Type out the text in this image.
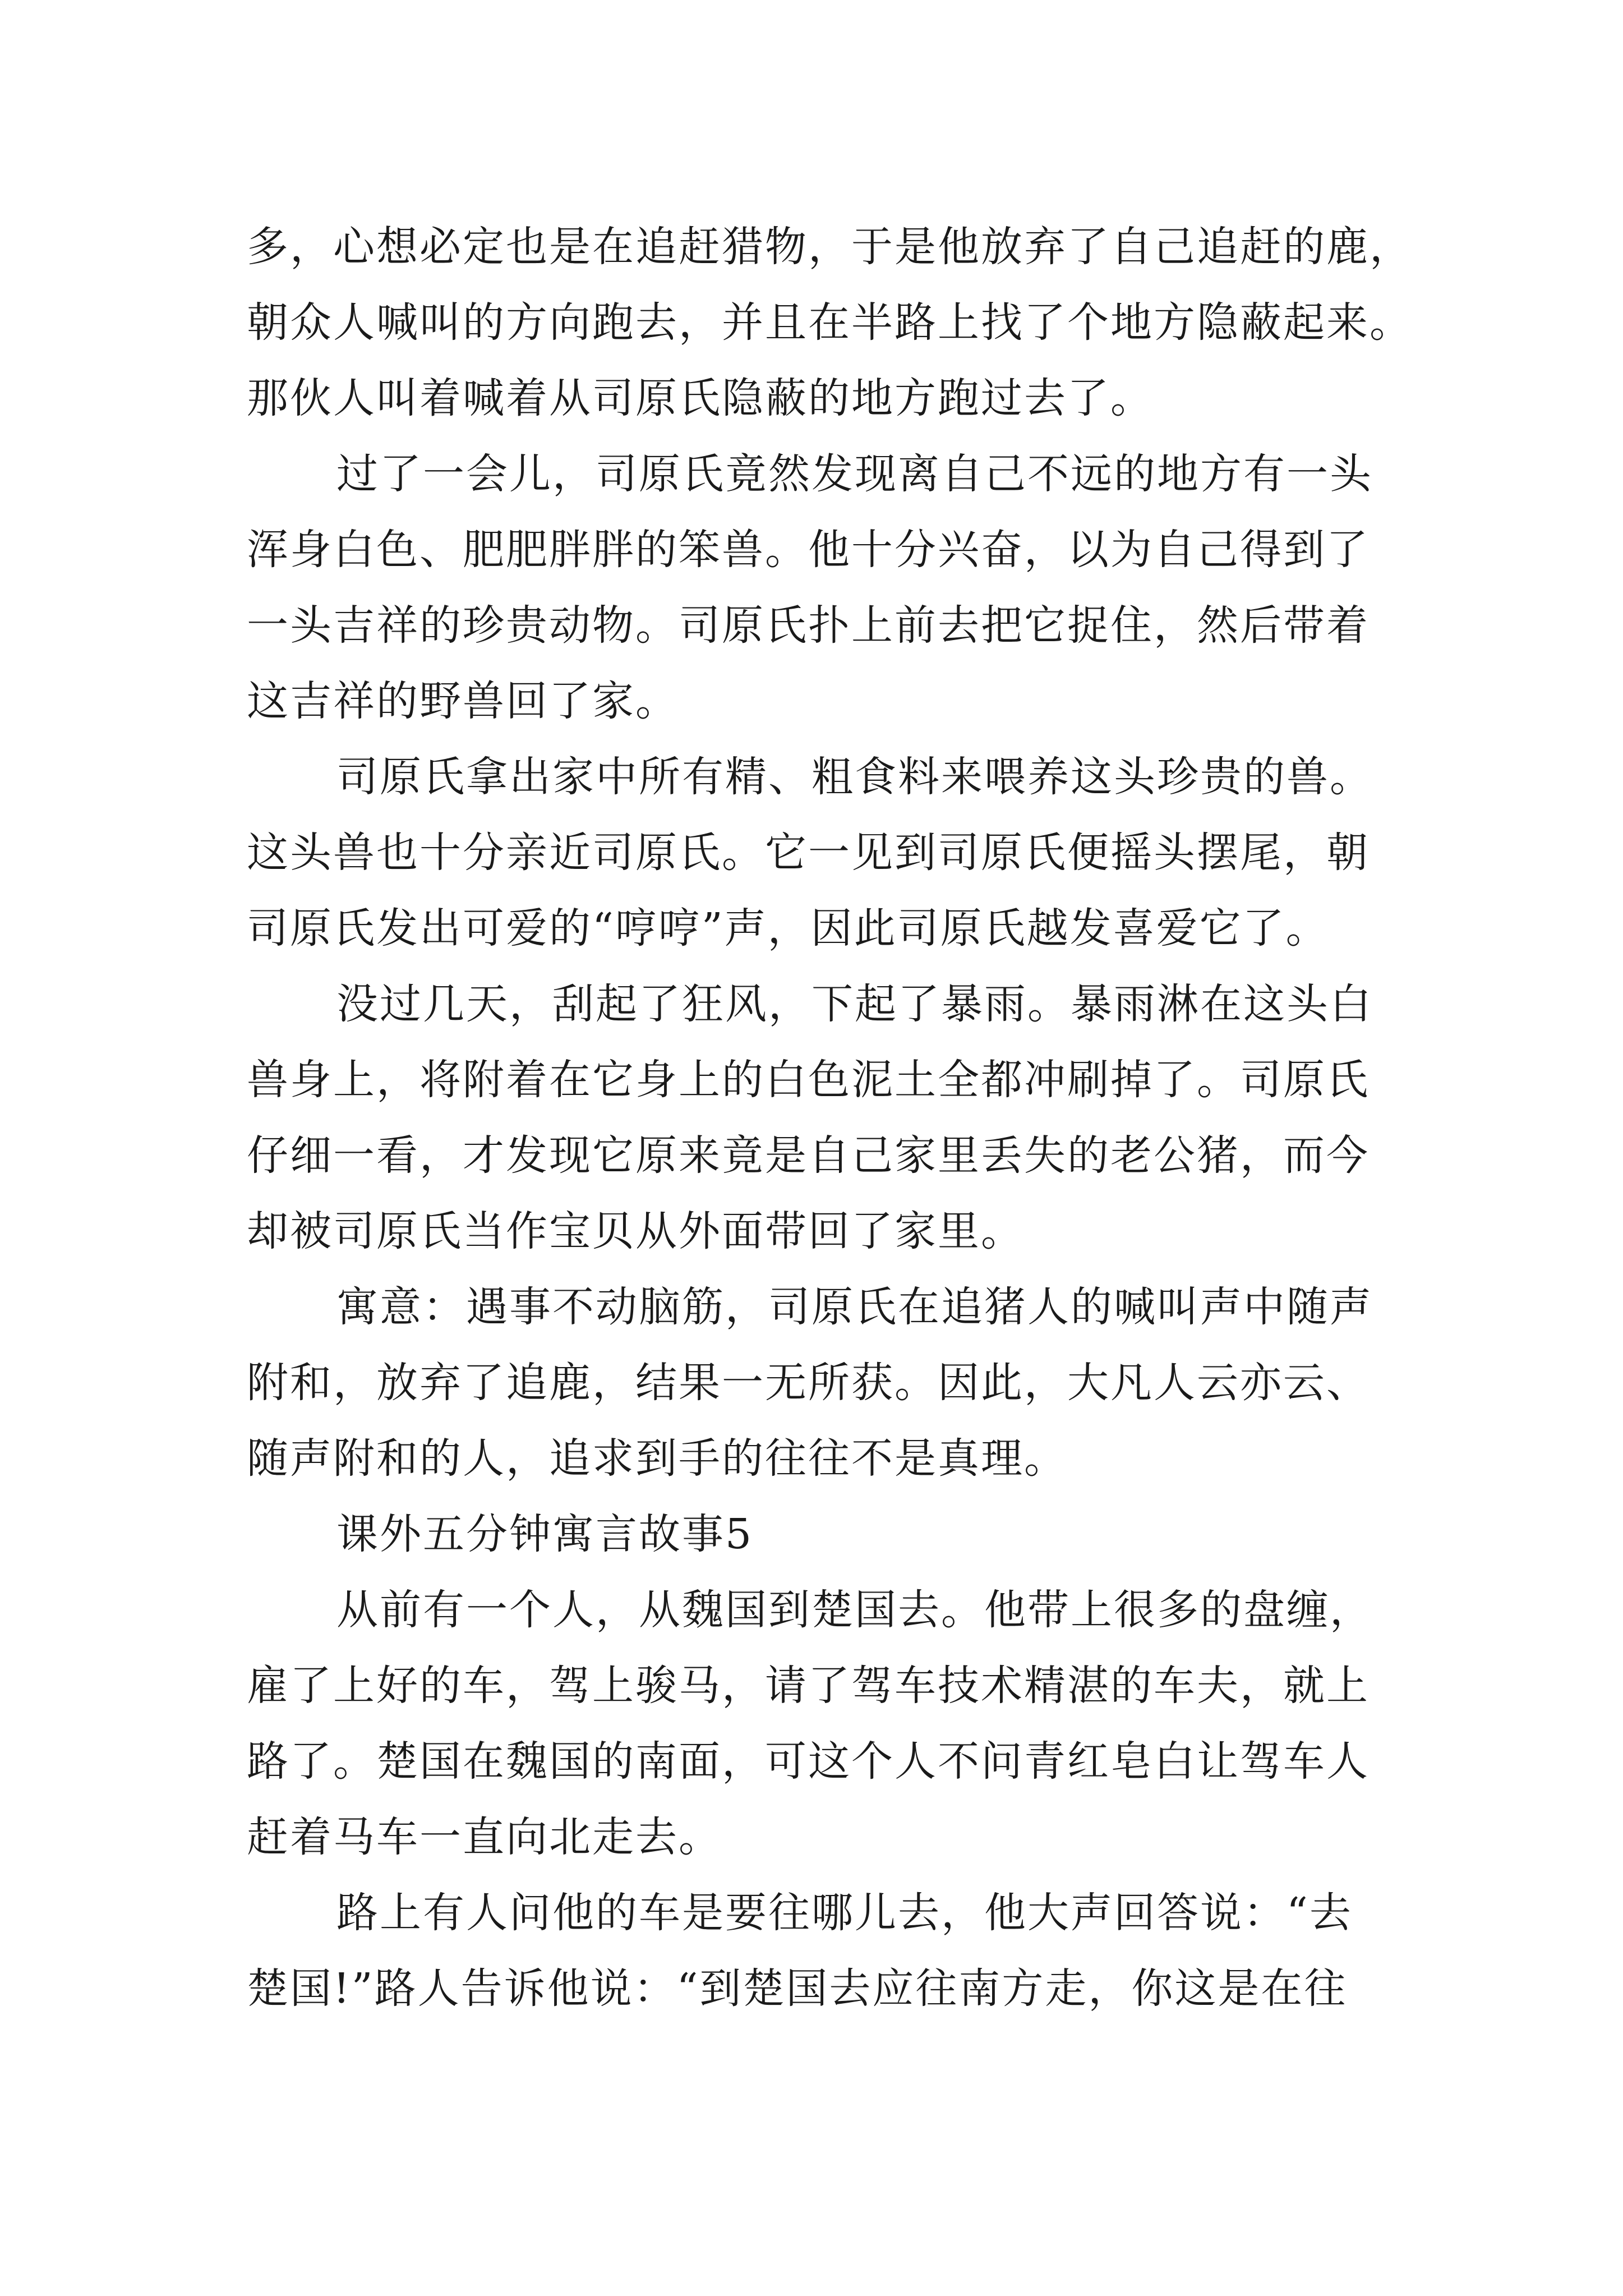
多，心想必定也是在追赶猎物，于是他放弃了自己追赶的鹿，
朝众人喊叫的方向跑去，并且在半路上找了个地方隐蔽起来。
那伙人叫着喊着从司原氏隐蔽的地方跑过去了。
过了一会儿，司原氏竟然发现离自己不远的地方有一头
浑身白色、肥肥胖胖的笨兽。他十分兴奋，以为自己得到了
一头吉祥的珍贵动物。司原氏扑上前去把它捉住，然后带着
这吉祥的野兽回了家。
司原氏拿出家中所有精、粗食料来喂养这头珍贵的兽。
这头兽也十分亲近司原氏。它一见到司原氏便摇头摆尾，朝
司原氏发出可爱的“哼哼”声，因此司原氏越发喜爱它了。
没过几天，刮起了狂风，下起了暴雨。暴雨淋在这头白
兽身上，将附着在它身上的白色泥土全都冲刷掉了。司原氏
仔细一看，才发现它原来竟是自己家里丢失的老公猪，而今
却被司原氏当作宝贝从外面带回了家里。
寓意：遇事不动脑筋，司原氏在追猪人的喊叫声中随声
附和，放弃了追鹿，结果一无所获。因此，大凡人云亦云、
随声附和的人，追求到手的往往不是真理。
课外五分钟寓言故事5
从前有一个人，从魏国到楚国去。他带上很多的盘缠，
雇了上好的车，驾上骏马，请了驾车技术精湛的车夫，就上
路了。楚国在魏国的南面，可这个人不问青红皂白让驾车人
赶着马车一直向北走去。
路上有人问他的车是要往哪儿去，他大声回答说：“去
楚国!”路人告诉他说：“到楚国去应往南方走，你这是在往
